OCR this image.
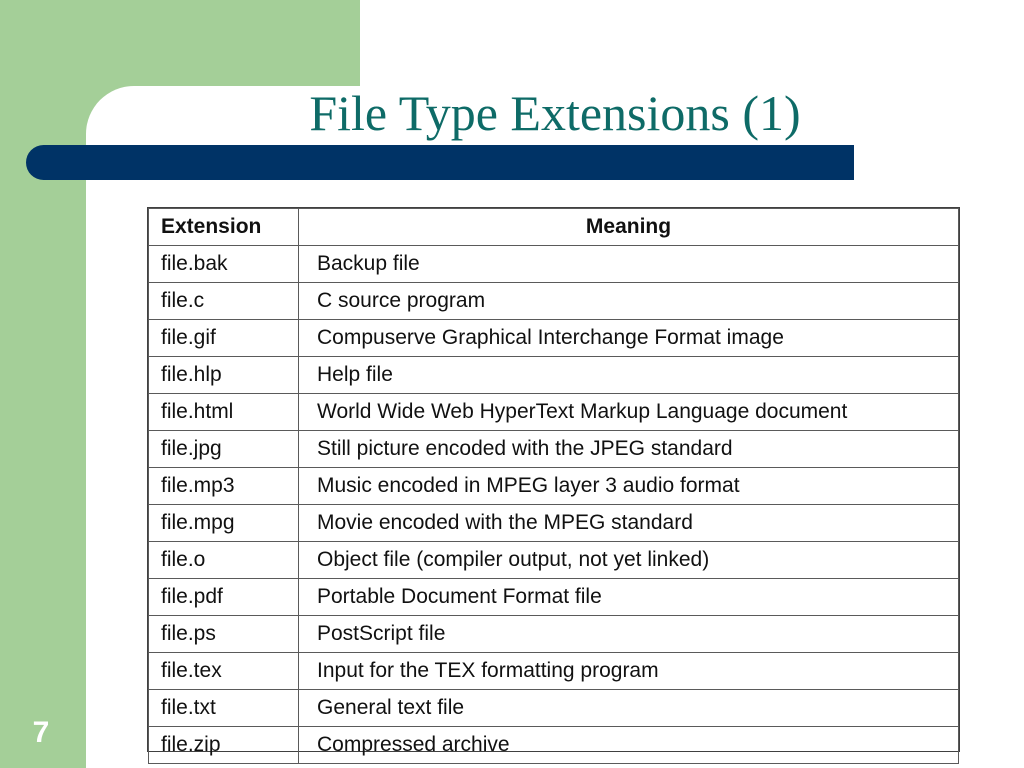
File Type Extensions (1)
Extension	Meaning
file.bak	Backup file
file.c	C source program
file.gif	Compuserve Graphical Interchange Format image
file.hlp	Help file
file.html	World Wide Web HyperText Markup Language document
file.jpg	Still picture encoded with the JPEG standard
file.mp3	Music encoded in MPEG layer 3 audio format
file.mpg	Movie encoded with the MPEG standard
file.o	Object file (compiler output, not yet linked)
file.pdf	Portable Document Format file
file.ps	PostScript file
file.tex	Input for the TEX formatting program
file.txt	General text file
file.zip	Compressed archive
7
